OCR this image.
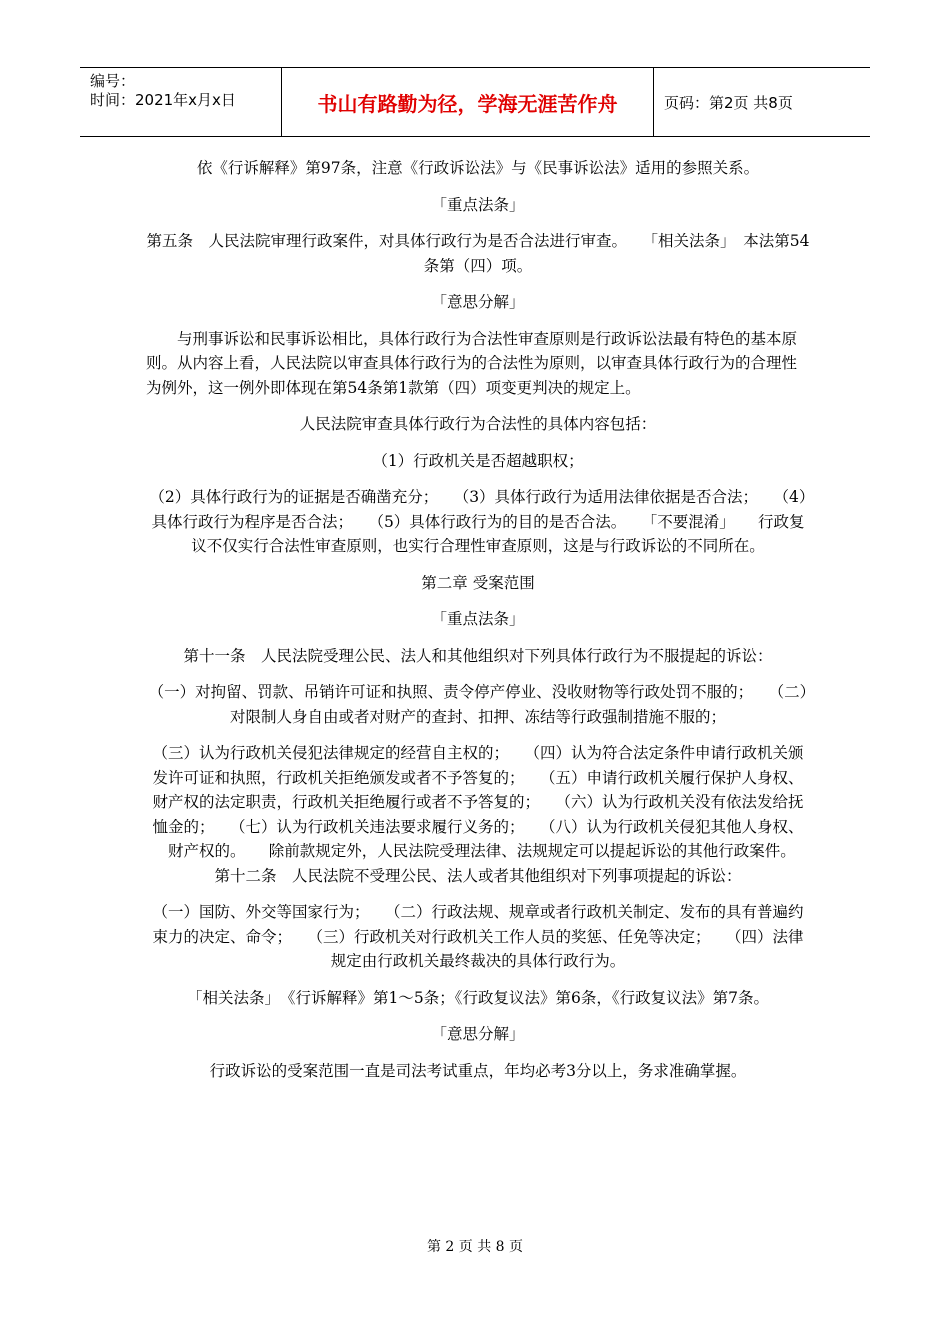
编号：
时间：2021年x月x日	书山有路勤为径，学海无涯苦作舟	页码：第2页 共8页

依《行诉解释》第97条，注意《行政诉讼法》与《民事诉讼法》适用的参照关系。

「重点法条」

第五条　人民法院审理行政案件，对具体行政行为是否合法进行审查。　　「相关法条」　本法第54条第（四）项。

「意思分解」

与刑事诉讼和民事诉讼相比，具体行政行为合法性审查原则是行政诉讼法最有特色的基本原则。从内容上看，人民法院以审查具体行政行为的合法性为原则，以审查具体行政行为的合理性为例外，这一例外即体现在第54条第1款第（四）项变更判决的规定上。

人民法院审查具体行政行为合法性的具体内容包括：

（1）行政机关是否超越职权；

（2）具体行政行为的证据是否确凿充分；　　（3）具体行政行为适用法律依据是否合法；　　（4）具体行政行为程序是否合法；　　（5）具体行政行为的目的是否合法。　　「不要混淆」　　行政复议不仅实行合法性审查原则，也实行合理性审查原则，这是与行政诉讼的不同所在。

第二章 受案范围

「重点法条」

第十一条　人民法院受理公民、法人和其他组织对下列具体行政行为不服提起的诉讼：

（一）对拘留、罚款、吊销许可证和执照、责令停产停业、没收财物等行政处罚不服的；　　（二）对限制人身自由或者对财产的查封、扣押、冻结等行政强制措施不服的；

（三）认为行政机关侵犯法律规定的经营自主权的；　　（四）认为符合法定条件申请行政机关颁发许可证和执照，行政机关拒绝颁发或者不予答复的；　　（五）申请行政机关履行保护人身权、财产权的法定职责，行政机关拒绝履行或者不予答复的；　　（六）认为行政机关没有依法发给抚恤金的；　　（七）认为行政机关违法要求履行义务的；　　（八）认为行政机关侵犯其他人身权、财产权的。　　除前款规定外，人民法院受理法律、法规规定可以提起诉讼的其他行政案件。　　第十二条　人民法院不受理公民、法人或者其他组织对下列事项提起的诉讼：

（一）国防、外交等国家行为；　　（二）行政法规、规章或者行政机关制定、发布的具有普遍约束力的决定、命令；　　（三）行政机关对行政机关工作人员的奖惩、任免等决定；　　（四）法律规定由行政机关最终裁决的具体行政行为。

「相关法条」　《行诉解释》第1～5条；《行政复议法》第6条，《行政复议法》第7条。

「意思分解」

行政诉讼的受案范围一直是司法考试重点，年均必考3分以上，务求准确掌握。

第 2 页 共 8 页
